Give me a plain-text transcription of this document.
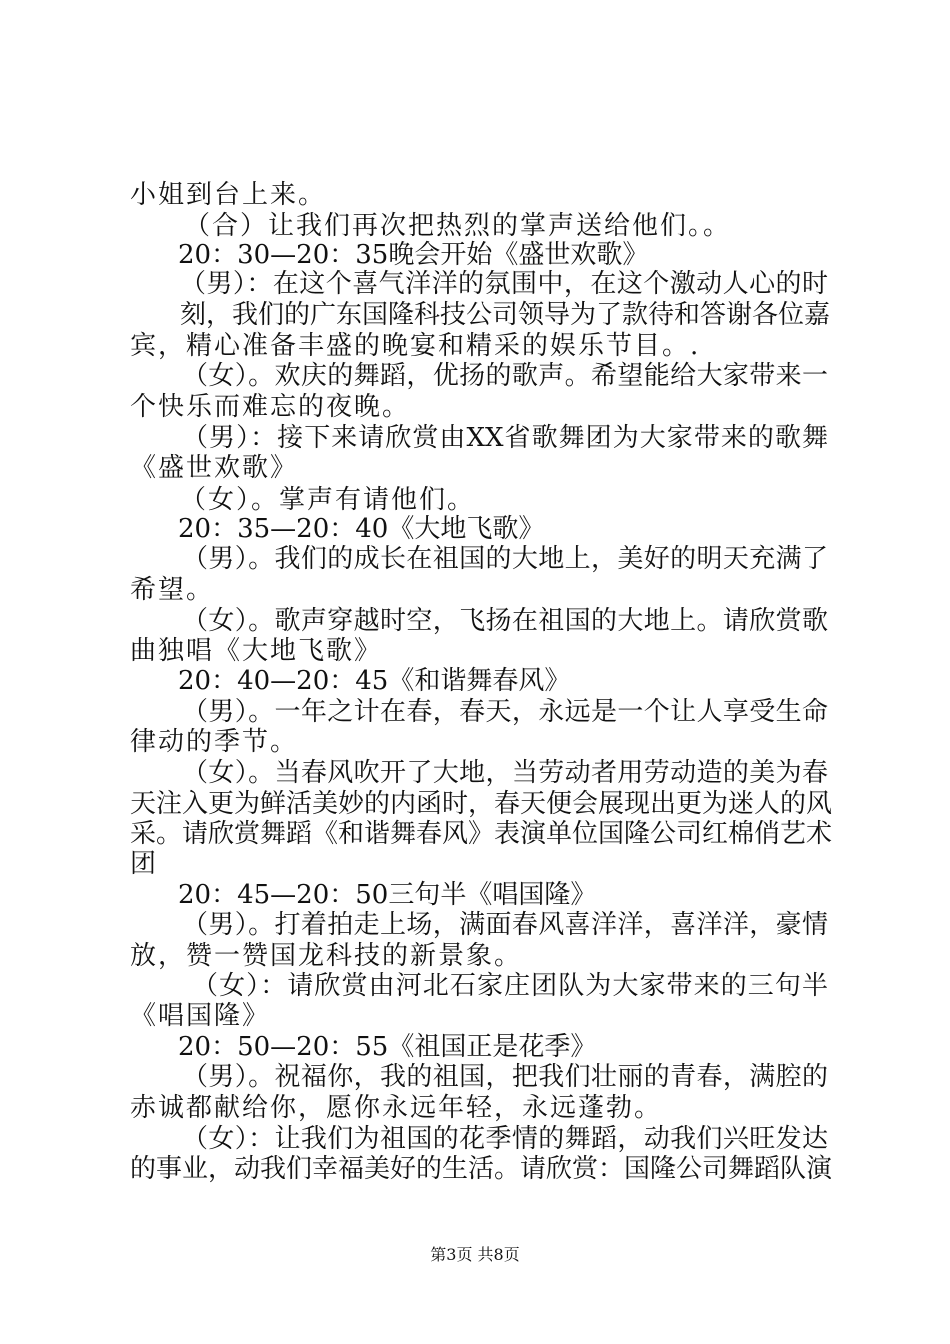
小姐到台上来。
（合）让我们再次把热烈的掌声送给他们。。
20：30—20：35晚会开始《盛世欢歌》
（男）：在这个喜气洋洋的氛围中，在这个激动人心的时
刻，我们的广东国隆科技公司领导为了款待和答谢各位嘉
宾，精心准备丰盛的晚宴和精采的娱乐节目。.
（女）。欢庆的舞蹈，优扬的歌声。希望能给大家带来一
个快乐而难忘的夜晚。
（男）：接下来请欣赏由XX省歌舞团为大家带来的歌舞
《盛世欢歌》
（女）。掌声有请他们。
20：35—20：40《大地飞歌》
（男）。我们的成长在祖国的大地上，美好的明天充满了
希望。
（女）。歌声穿越时空，飞扬在祖国的大地上。请欣赏歌
曲独唱《大地飞歌》
20：40—20：45《和谐舞春风》
（男）。一年之计在春，春天，永远是一个让人享受生命
律动的季节。
（女）。当春风吹开了大地，当劳动者用劳动造的美为春
天注入更为鲜活美妙的内函时，春天便会展现出更为迷人的风
采。请欣赏舞蹈《和谐舞春风》表演单位国隆公司红棉俏艺术
团
20：45—20：50三句半《唱国隆》
（男）。打着拍走上场，满面春风喜洋洋，喜洋洋，豪情
放，赞一赞国龙科技的新景象。
（女）：请欣赏由河北石家庄团队为大家带来的三句半
《唱国隆》
20：50—20：55《祖国正是花季》
（男）。祝福你，我的祖国，把我们壮丽的青春，满腔的
赤诚都献给你，愿你永远年轻，永远蓬勃。
（女）：让我们为祖国的花季情的舞蹈，动我们兴旺发达
的事业，动我们幸福美好的生活。请欣赏：国隆公司舞蹈队演
第3页 共8页
